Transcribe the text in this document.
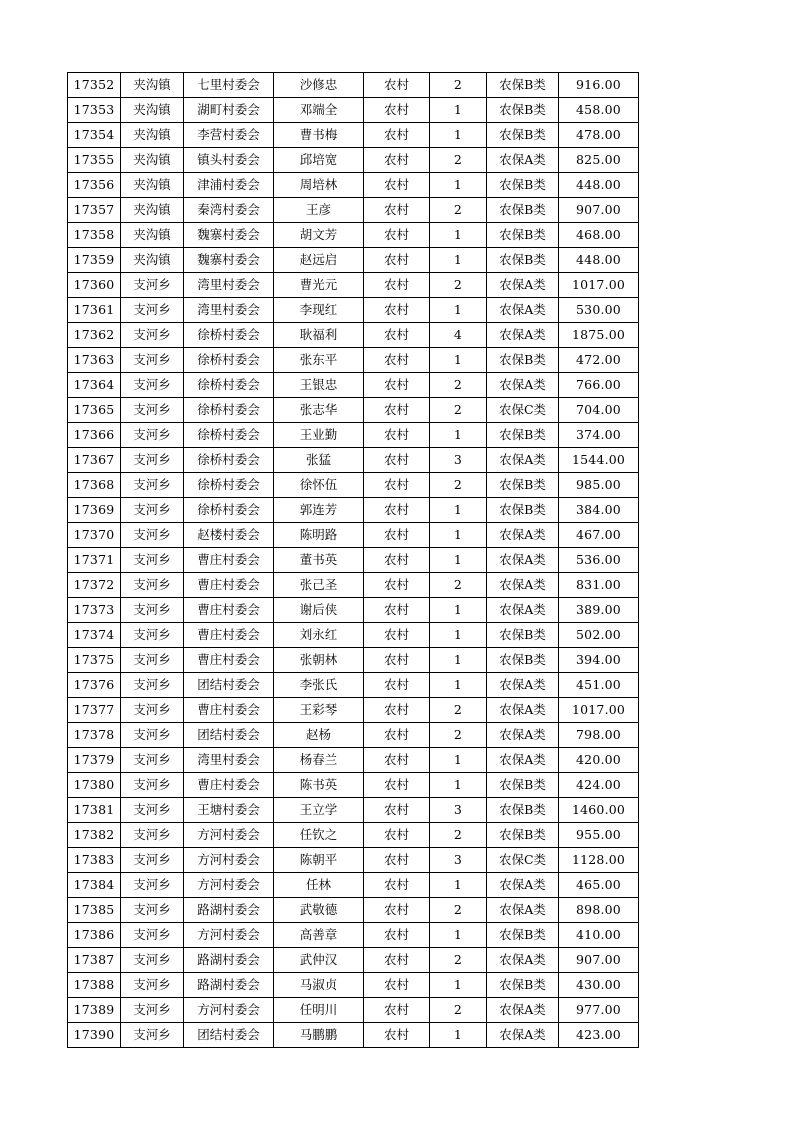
17352	夹沟镇	七里村委会	沙修忠	农村	2	农保B类	916.00
17353	夹沟镇	湖町村委会	邓端全	农村	1	农保B类	458.00
17354	夹沟镇	李营村委会	曹书梅	农村	1	农保B类	478.00
17355	夹沟镇	镇头村委会	邱培宽	农村	2	农保A类	825.00
17356	夹沟镇	津浦村委会	周培林	农村	1	农保B类	448.00
17357	夹沟镇	秦湾村委会	王彦	农村	2	农保B类	907.00
17358	夹沟镇	魏寨村委会	胡文芳	农村	1	农保B类	468.00
17359	夹沟镇	魏寨村委会	赵远启	农村	1	农保B类	448.00
17360	支河乡	湾里村委会	曹光元	农村	2	农保A类	1017.00
17361	支河乡	湾里村委会	李现红	农村	1	农保A类	530.00
17362	支河乡	徐桥村委会	耿福利	农村	4	农保A类	1875.00
17363	支河乡	徐桥村委会	张东平	农村	1	农保B类	472.00
17364	支河乡	徐桥村委会	王银忠	农村	2	农保A类	766.00
17365	支河乡	徐桥村委会	张志华	农村	2	农保C类	704.00
17366	支河乡	徐桥村委会	王业勤	农村	1	农保B类	374.00
17367	支河乡	徐桥村委会	张猛	农村	3	农保A类	1544.00
17368	支河乡	徐桥村委会	徐怀伍	农村	2	农保B类	985.00
17369	支河乡	徐桥村委会	郭连芳	农村	1	农保B类	384.00
17370	支河乡	赵楼村委会	陈明路	农村	1	农保A类	467.00
17371	支河乡	曹庄村委会	董书英	农村	1	农保A类	536.00
17372	支河乡	曹庄村委会	张己圣	农村	2	农保A类	831.00
17373	支河乡	曹庄村委会	谢后侠	农村	1	农保A类	389.00
17374	支河乡	曹庄村委会	刘永红	农村	1	农保B类	502.00
17375	支河乡	曹庄村委会	张朝林	农村	1	农保B类	394.00
17376	支河乡	团结村委会	李张氏	农村	1	农保A类	451.00
17377	支河乡	曹庄村委会	王彩琴	农村	2	农保A类	1017.00
17378	支河乡	团结村委会	赵杨	农村	2	农保A类	798.00
17379	支河乡	湾里村委会	杨春兰	农村	1	农保A类	420.00
17380	支河乡	曹庄村委会	陈书英	农村	1	农保B类	424.00
17381	支河乡	王塘村委会	王立学	农村	3	农保B类	1460.00
17382	支河乡	方河村委会	任钦之	农村	2	农保B类	955.00
17383	支河乡	方河村委会	陈朝平	农村	3	农保C类	1128.00
17384	支河乡	方河村委会	任林	农村	1	农保A类	465.00
17385	支河乡	路湖村委会	武敬德	农村	2	农保A类	898.00
17386	支河乡	方河村委会	高善章	农村	1	农保B类	410.00
17387	支河乡	路湖村委会	武仲汉	农村	2	农保A类	907.00
17388	支河乡	路湖村委会	马淑贞	农村	1	农保B类	430.00
17389	支河乡	方河村委会	任明川	农村	2	农保A类	977.00
17390	支河乡	团结村委会	马鹏鹏	农村	1	农保A类	423.00
